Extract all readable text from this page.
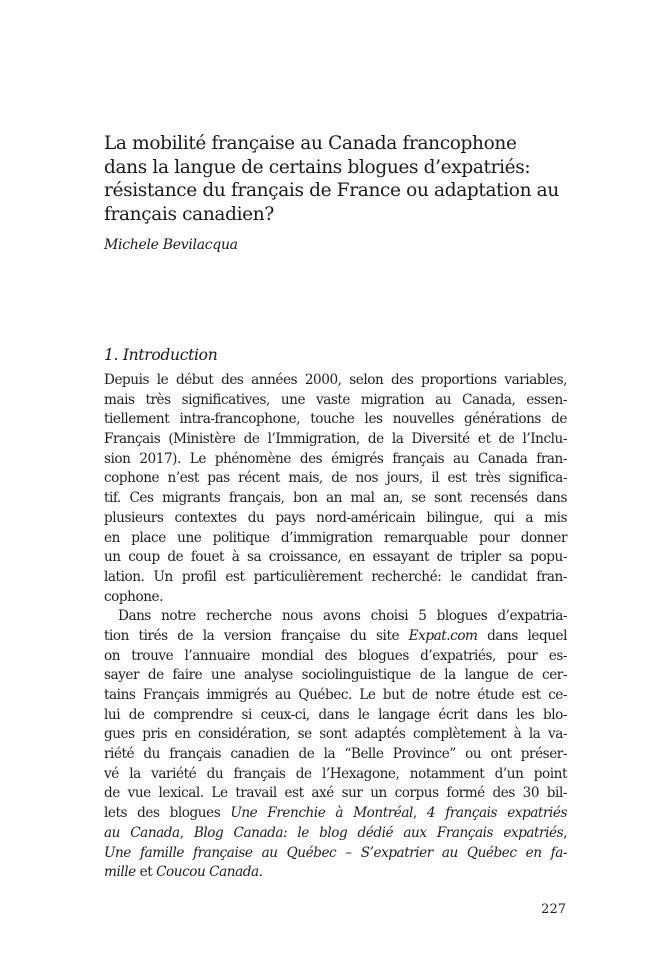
La mobilité française au Canada francophone
dans la langue de certains blogues d’expatriés:
résistance du français de France ou adaptation au
français canadien?

Michele Bevilacqua

1. Introduction

Depuis le début des années 2000, selon des proportions variables,
mais très significatives, une vaste migration au Canada, essen-
tiellement intra-francophone, touche les nouvelles générations de
Français (Ministère de l’Immigration, de la Diversité et de l’Inclu-
sion 2017). Le phénomène des émigrés français au Canada fran-
cophone n’est pas récent mais, de nos jours, il est très significa-
tif. Ces migrants français, bon an mal an, se sont recensés dans
plusieurs contextes du pays nord-américain bilingue, qui a mis
en place une politique d’immigration remarquable pour donner
un coup de fouet à sa croissance, en essayant de tripler sa popu-
lation. Un profil est particulièrement recherché: le candidat fran-
cophone.

Dans notre recherche nous avons choisi 5 blogues d’expatria-
tion tirés de la version française du site Expat.com dans lequel
on trouve l’annuaire mondial des blogues d’expatriés, pour es-
sayer de faire une analyse sociolinguistique de la langue de cer-
tains Français immigrés au Québec. Le but de notre étude est ce-
lui de comprendre si ceux-ci, dans le langage écrit dans les blo-
gues pris en considération, se sont adaptés complètement à la va-
riété du français canadien de la “Belle Province” ou ont préser-
vé la variété du français de l’Hexagone, notamment d’un point
de vue lexical. Le travail est axé sur un corpus formé des 30 bil-
lets des blogues Une Frenchie à Montréal, 4 français expatriés
au Canada, Blog Canada: le blog dédié aux Français expatriés,
Une famille française au Québec – S’expatrier au Québec en fa-
mille et Coucou Canada.

227
